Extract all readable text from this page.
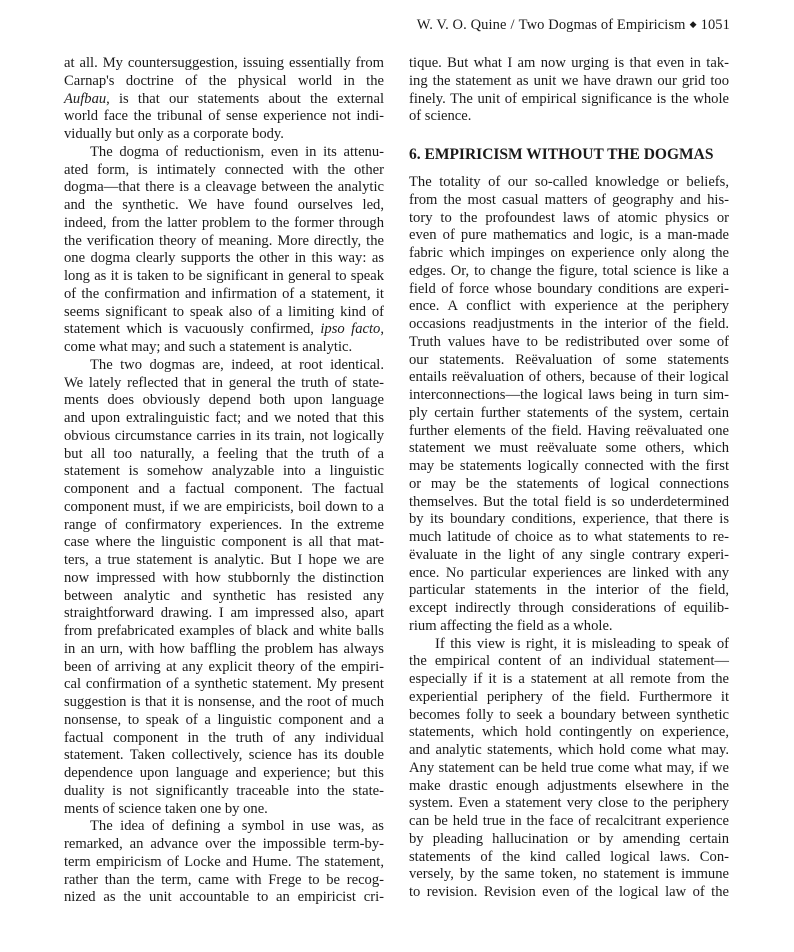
W. V. O. Quine / Two Dogmas of Empiricism ◆ 1051
at all. My countersuggestion, issuing essentially from
Carnap's doctrine of the physical world in the
Aufbau, is that our statements about the external
world face the tribunal of sense experience not indi-
vidually but only as a corporate body.
The dogma of reductionism, even in its attenu-
ated form, is intimately connected with the other
dogma—that there is a cleavage between the analytic
and the synthetic. We have found ourselves led,
indeed, from the latter problem to the former through
the verification theory of meaning. More directly, the
one dogma clearly supports the other in this way: as
long as it is taken to be significant in general to speak
of the confirmation and infirmation of a statement, it
seems significant to speak also of a limiting kind of
statement which is vacuously confirmed, ipso facto,
come what may; and such a statement is analytic.
The two dogmas are, indeed, at root identical.
We lately reflected that in general the truth of state-
ments does obviously depend both upon language
and upon extralinguistic fact; and we noted that this
obvious circumstance carries in its train, not logically
but all too naturally, a feeling that the truth of a
statement is somehow analyzable into a linguistic
component and a factual component. The factual
component must, if we are empiricists, boil down to a
range of confirmatory experiences. In the extreme
case where the linguistic component is all that mat-
ters, a true statement is analytic. But I hope we are
now impressed with how stubbornly the distinction
between analytic and synthetic has resisted any
straightforward drawing. I am impressed also, apart
from prefabricated examples of black and white balls
in an urn, with how baffling the problem has always
been of arriving at any explicit theory of the empiri-
cal confirmation of a synthetic statement. My present
suggestion is that it is nonsense, and the root of much
nonsense, to speak of a linguistic component and a
factual component in the truth of any individual
statement. Taken collectively, science has its double
dependence upon language and experience; but this
duality is not significantly traceable into the state-
ments of science taken one by one.
The idea of defining a symbol in use was, as
remarked, an advance over the impossible term-by-
term empiricism of Locke and Hume. The statement,
rather than the term, came with Frege to be recog-
nized as the unit accountable to an empiricist cri-
tique. But what I am now urging is that even in tak-
ing the statement as unit we have drawn our grid too
finely. The unit of empirical significance is the whole
of science.
6. EMPIRICISM WITHOUT THE DOGMAS
The totality of our so-called knowledge or beliefs,
from the most casual matters of geography and his-
tory to the profoundest laws of atomic physics or
even of pure mathematics and logic, is a man-made
fabric which impinges on experience only along the
edges. Or, to change the figure, total science is like a
field of force whose boundary conditions are experi-
ence. A conflict with experience at the periphery
occasions readjustments in the interior of the field.
Truth values have to be redistributed over some of
our statements. Reëvaluation of some statements
entails reëvaluation of others, because of their logical
interconnections—the logical laws being in turn sim-
ply certain further statements of the system, certain
further elements of the field. Having reëvaluated one
statement we must reëvaluate some others, which
may be statements logically connected with the first
or may be the statements of logical connections
themselves. But the total field is so underdetermined
by its boundary conditions, experience, that there is
much latitude of choice as to what statements to re-
ëvaluate in the light of any single contrary experi-
ence. No particular experiences are linked with any
particular statements in the interior of the field,
except indirectly through considerations of equilib-
rium affecting the field as a whole.
If this view is right, it is misleading to speak of
the empirical content of an individual statement—
especially if it is a statement at all remote from the
experiential periphery of the field. Furthermore it
becomes folly to seek a boundary between synthetic
statements, which hold contingently on experience,
and analytic statements, which hold come what may.
Any statement can be held true come what may, if we
make drastic enough adjustments elsewhere in the
system. Even a statement very close to the periphery
can be held true in the face of recalcitrant experience
by pleading hallucination or by amending certain
statements of the kind called logical laws. Con-
versely, by the same token, no statement is immune
to revision. Revision even of the logical law of the
